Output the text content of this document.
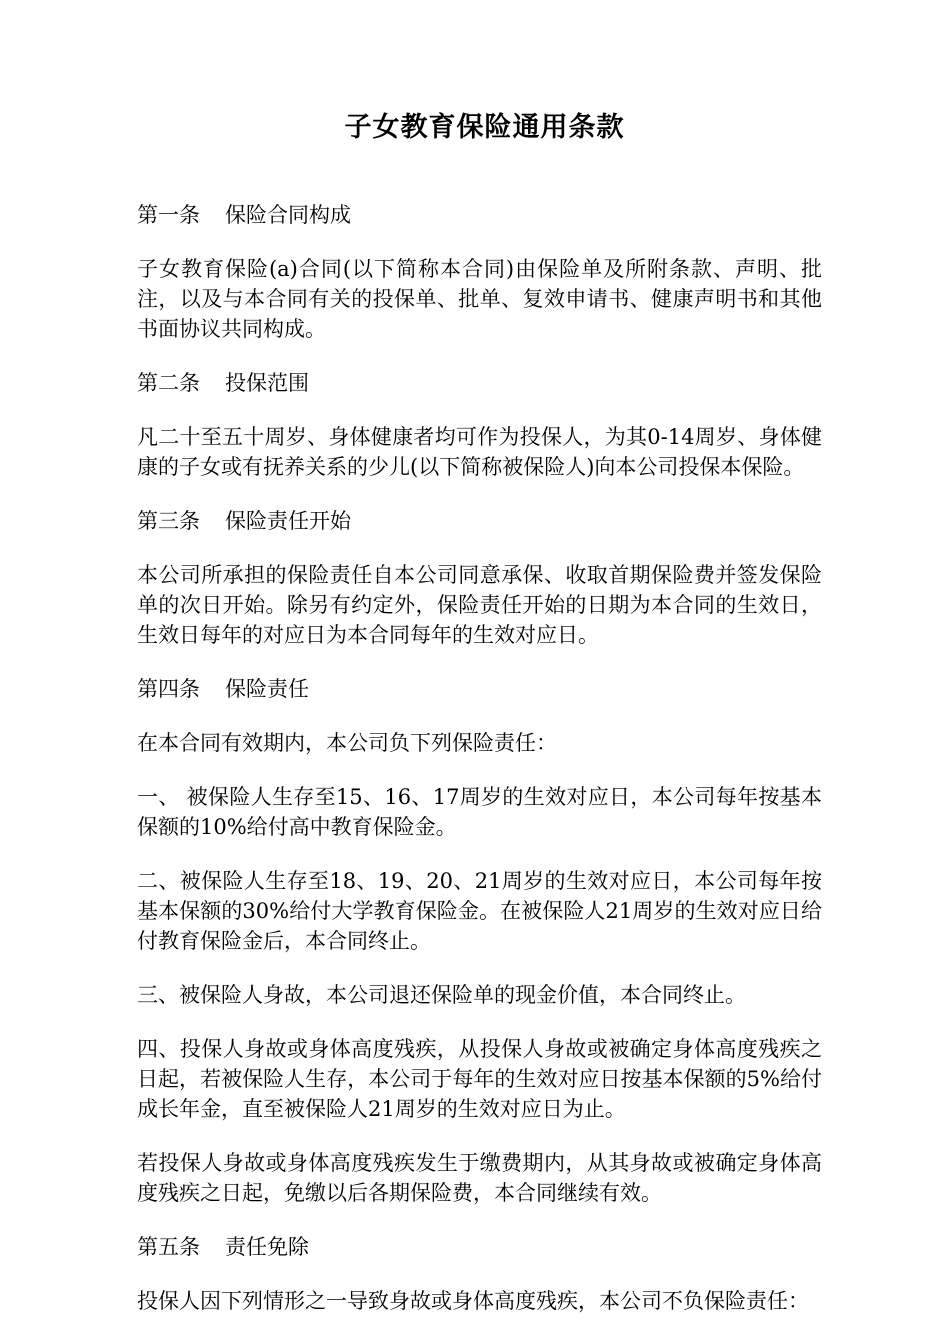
子女教育保险通用条款

第一条 保险合同构成

子女教育保险(a)合同(以下简称本合同)由保险单及所附条款、声明、批注，以及与本合同有关的投保单、批单、复效申请书、健康声明书和其他书面协议共同构成。

第二条 投保范围

凡二十至五十周岁、身体健康者均可作为投保人，为其0-14周岁、身体健康的子女或有抚养关系的少儿(以下简称被保险人)向本公司投保本保险。

第三条 保险责任开始

本公司所承担的保险责任自本公司同意承保、收取首期保险费并签发保险单的次日开始。除另有约定外，保险责任开始的日期为本合同的生效日，生效日每年的对应日为本合同每年的生效对应日。

第四条 保险责任

在本合同有效期内，本公司负下列保险责任：

一、 被保险人生存至15、16、17周岁的生效对应日，本公司每年按基本保额的10%给付高中教育保险金。

二、被保险人生存至18、19、20、21周岁的生效对应日，本公司每年按基本保额的30%给付大学教育保险金。在被保险人21周岁的生效对应日给付教育保险金后，本合同终止。

三、被保险人身故，本公司退还保险单的现金价值，本合同终止。

四、投保人身故或身体高度残疾，从投保人身故或被确定身体高度残疾之日起，若被保险人生存，本公司于每年的生效对应日按基本保额的5%给付成长年金，直至被保险人21周岁的生效对应日为止。

若投保人身故或身体高度残疾发生于缴费期内，从其身故或被确定身体高度残疾之日起，免缴以后各期保险费，本合同继续有效。

第五条 责任免除

投保人因下列情形之一导致身故或身体高度残疾，本公司不负保险责任：
